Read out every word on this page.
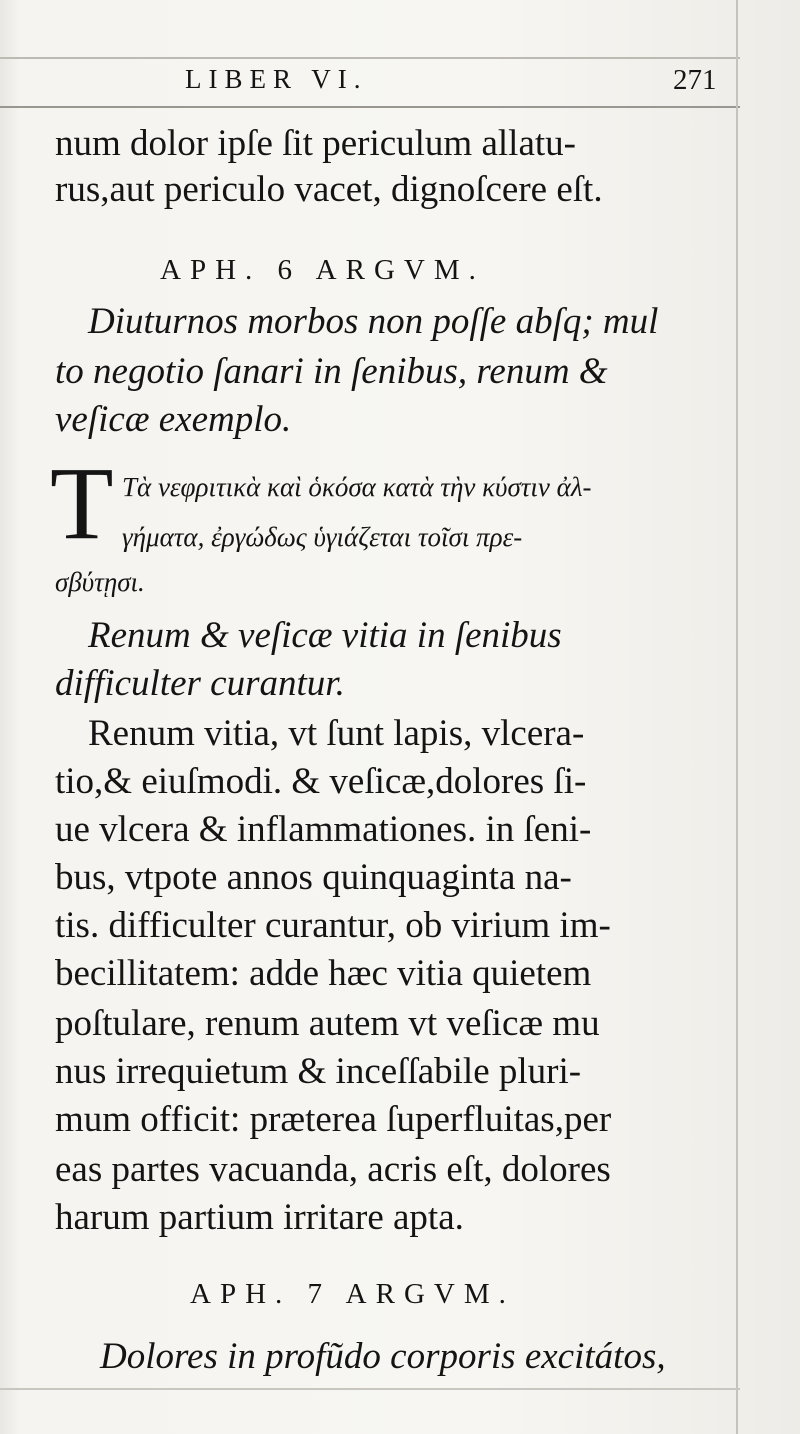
LIBER VI.	271
num dolor ipſe ſit periculum allatu-
rus,aut periculo vacet, dignoſcere eſt.
APH. 6 ARGVM.
Diuturnos morbos non poſſe abſq; mul
to negotio ſanari in ſenibus, renum &
veſicæ exemplo.
Τ Τὰ νεφριτικὰ καὶ ὁκόσα κατὰ τὴν κύστιν ἀλ-
γήματα, ἐργώδως ὑγιάζεται τοῖσι πρε-
σβύτῃσι.
Renum & veſicæ vitia in ſenibus
difficulter curantur.
Renum vitia, vt ſunt lapis, vlcera-
tio,& eiuſmodi. & veſicæ,dolores ſi-
ue vlcera & inflammationes. in ſeni-
bus, vtpote annos quinquaginta na-
tis. difficulter curantur, ob virium im-
becillitatem: adde hæc vitia quietem
poſtulare, renum autem vt veſicæ mu
nus irrequietum & inceſſabile pluri-
mum officit: præterea ſuperfluitas,per
eas partes vacuanda, acris eſt, dolores
harum partium irritare apta.
APH. 7 ARGVM.
Dolores in profũdo corporis excitátos,
